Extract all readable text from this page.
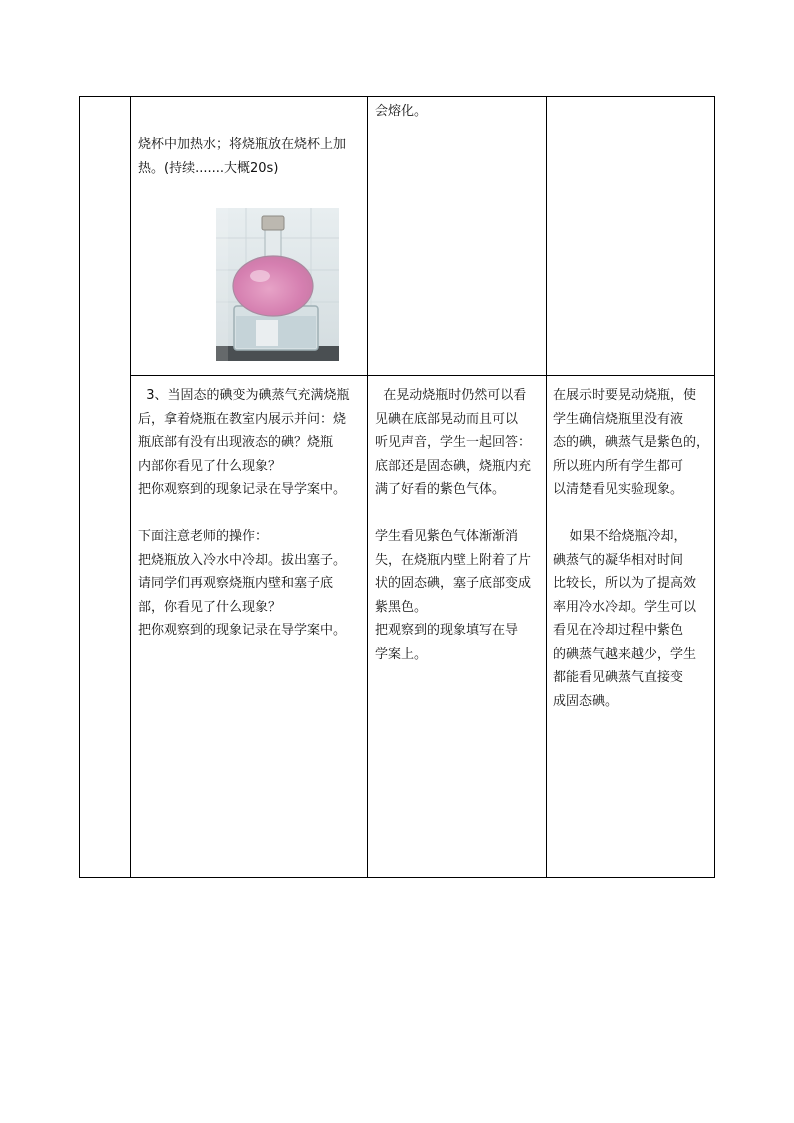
烧杯中加热水；将烧瓶放在烧杯上加

热。(持续.......大概20s)

会熔化。

3、当固态的碘变为碘蒸气充满烧瓶

后，拿着烧瓶在教室内展示并问：烧

瓶底部有没有出现液态的碘？烧瓶

内部你看见了什么现象？

把你观察到的现象记录在导学案中。

下面注意老师的操作：

把烧瓶放入冷水中冷却。拔出塞子。

请同学们再观察烧瓶内壁和塞子底

部，你看见了什么现象？

把你观察到的现象记录在导学案中。

在晃动烧瓶时仍然可以看

见碘在底部晃动而且可以

听见声音，学生一起回答：

底部还是固态碘，烧瓶内充

满了好看的紫色气体。

学生看见紫色气体渐渐消

失，在烧瓶内壁上附着了片

状的固态碘，塞子底部变成

紫黑色。

把观察到的现象填写在导

学案上。

在展示时要晃动烧瓶，使

学生确信烧瓶里没有液

态的碘，碘蒸气是紫色的，

所以班内所有学生都可

以清楚看见实验现象。

如果不给烧瓶冷却，

碘蒸气的凝华相对时间

比较长，所以为了提高效

率用冷水冷却。学生可以

看见在冷却过程中紫色

的碘蒸气越来越少，学生

都能看见碘蒸气直接变

成固态碘。
